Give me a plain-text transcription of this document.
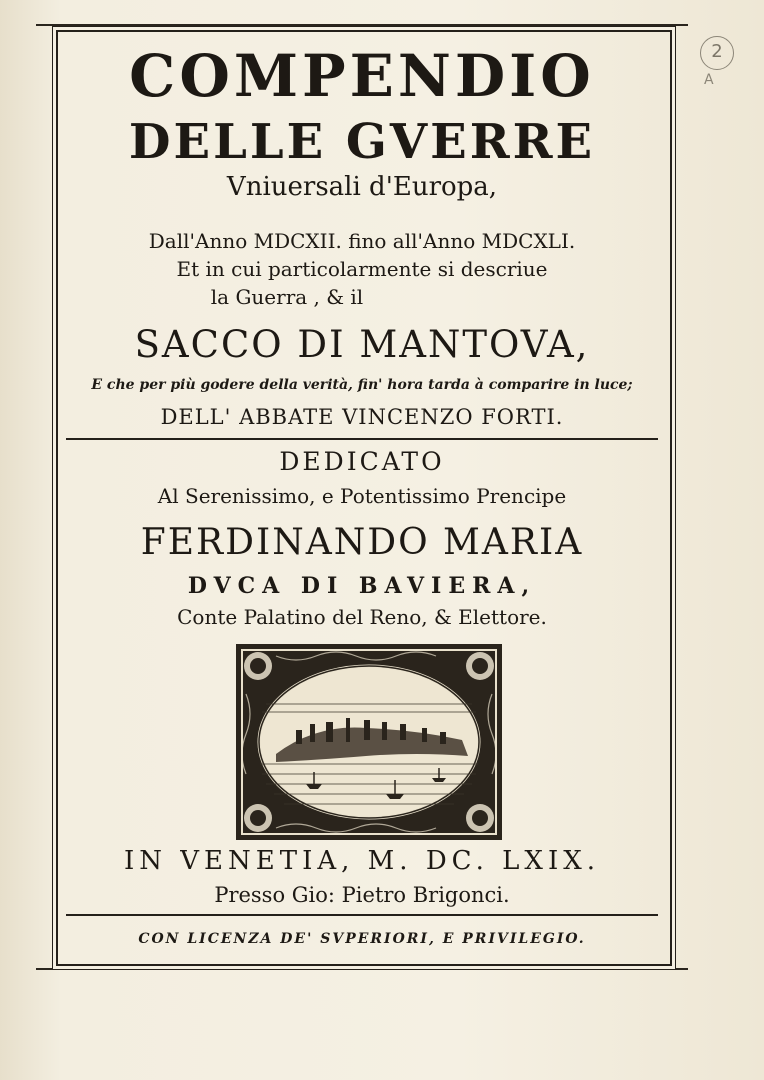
2
A
COMPENDIO
DELLE GVERRE
Vniuersali d'Europa,
Dall'Anno MDCXII. fino all'Anno MDCXLI.
Et in cui particolarmente si descriue
la Guerra , & il
SACCO DI MANTOVA,
E che per più godere della verità, fin' hora tarda à comparire in luce;
DELL' ABBATE VINCENZO FORTI.
DEDICATO
Al Serenissimo, e Potentissimo Prencipe
FERDINANDO MARIA
DVCA DI BAVIERA,
Conte Palatino del Reno, & Elettore.
IN VENETIA, M. DC. LXIX.
Presso Gio: Pietro Brigonci.
CON LICENZA DE' SVPERIORI, E PRIVILEGIO.
